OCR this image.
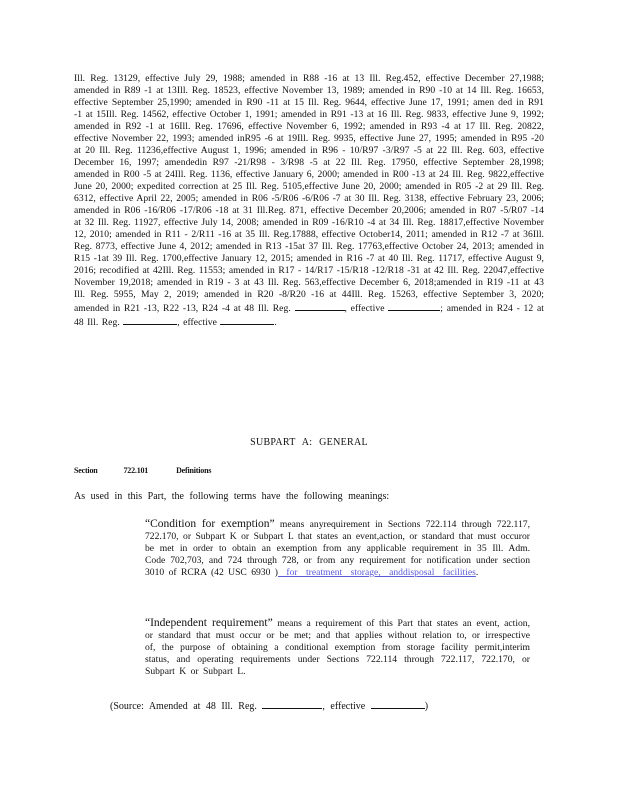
Ill. Reg. 13129, effective July 29, 1988; amended in R88 -16 at 13 Ill. Reg.452, effective December 27,1988; amended in R89 -1 at 13Ill. Reg. 18523, effective November 13, 1989; amended in R90 -10 at 14 Ill. Reg. 16653, effective September 25,1990; amended in R90 -11 at 15 Ill. Reg. 9644, effective June 17, 1991; amen ded in R91 -1 at 15Ill. Reg. 14562, effective October 1, 1991; amended in R91 -13 at 16 Ill. Reg. 9833, effective June 9, 1992; amended in R92 -1 at 16Ill. Reg. 17696, effective November 6, 1992; amended in R93 -4 at 17 Ill. Reg. 20822, effective November 22, 1993; amended inR95 -6 at 19Ill. Reg. 9935, effective June 27, 1995; amended in R95 -20 at 20 Ill. Reg. 11236,effective August 1, 1996; amended in R96 - 10/R97 -3/R97 -5 at 22 Ill. Reg. 603, effective December 16, 1997; amendedin R97 -21/R98 - 3/R98 -5 at 22 Ill. Reg. 17950, effective September 28,1998; amended in R00 -5 at 24Ill. Reg. 1136, effective January 6, 2000; amended in R00 -13 at 24 Ill. Reg. 9822,effective June 20, 2000; expedited correction at 25 Ill. Reg. 5105,effective June 20, 2000; amended in R05 -2 at 29 Ill. Reg. 6312, effective April 22, 2005; amended in R06 -5/R06 -6/R06 -7 at 30 Ill. Reg. 3138, effective February 23, 2006; amended in R06 -16/R06 -17/R06 -18 at 31 Ill.Reg. 871, effective December 20,2006; amended in R07 -5/R07 -14 at 32 Ill. Reg. 11927, effective July 14, 2008; amended in R09 -16/R10 -4 at 34 Ill. Reg. 18817,effective November 12, 2010; amended in R11 - 2/R11 -16 at 35 Ill. Reg.17888, effective October14, 2011; amended in R12 -7 at 36Ill. Reg. 8773, effective June 4, 2012; amended in R13 -15at 37 Ill. Reg. 17763,effective October 24, 2013; amended in R15 -1at 39 Ill. Reg. 1700,effective January 12, 2015; amended in R16 -7 at 40 Ill. Reg. 11717, effective August 9, 2016; recodified at 42Ill. Reg. 11553; amended in R17 - 14/R17 -15/R18 -12/R18 -31 at 42 Ill. Reg. 22047,effective November 19,2018; amended in R19 - 3 at 43 Ill. Reg. 563,effective December 6, 2018;amended in R19 -11 at 43 Ill. Reg. 5955, May 2, 2019; amended in R20 -8/R20 -16 at 44Ill. Reg. 15263, effective September 3, 2020; amended in R21 -13, R22 -13, R24 -4 at 48 Ill. Reg.	, effective	; amended in R24 - 12 at 48 Ill. Reg.	, effective	.
SUBPART A: GENERAL
Section	722.101	Definitions
As used in this Part, the following terms have the following meanings:
“Condition for exemption” means anyrequirement in Sections 722.114 through 722.117, 722.170, or Subpart K or Subpart L that states an event,action, or standard that must occuror be met in order to obtain an exemption from any applicable requirement in 35 Ill. Adm. Code 702,703, and 724 through 728, or from any requirement for notification under section 3010 of RCRA (42 USC 6930 ) for treatment storage, anddisposal facilities.
“Independent requirement” means a requirement of this Part that states an event, action, or standard that must occur or be met; and that applies without relation to, or irrespective of, the purpose of obtaining a conditional exemption from storage facility permit,interim status, and operating requirements under Sections 722.114 through 722.117, 722.170, or Subpart K or Subpart L.
(Source: Amended at 48 Ill. Reg.	, effective	)
